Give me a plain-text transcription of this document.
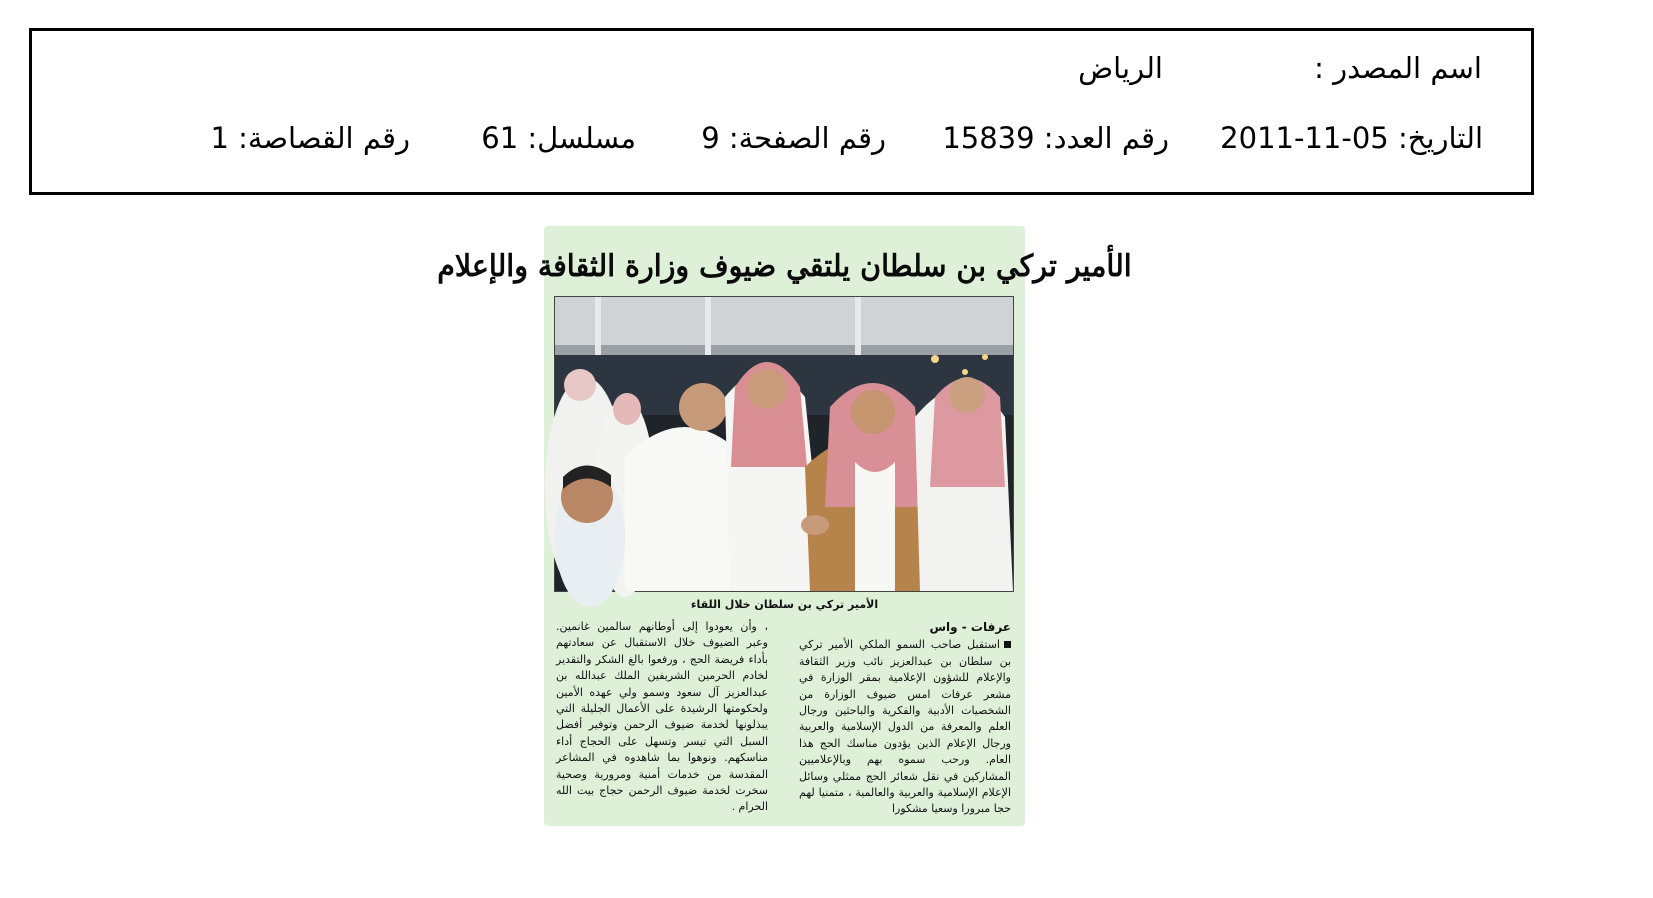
اسم المصدر :
الرياض
التاريخ: 05-11-2011
رقم العدد: 15839
رقم الصفحة: 9
مسلسل: 61
رقم القصاصة: 1
الأمير تركي بن سلطان يلتقي ضيوف وزارة الثقافة والإعلام
الأمير تركي بن سلطان خلال اللقاء
عرفات - واس
استقبل صاحب السمو الملكي الأمير تركي بن سلطان بن عبدالعزيز نائب وزير الثقافة والإعلام للشؤون الإعلامية بمقر الوزارة في مشعر عرفات امس ضيوف الوزارة من الشخصيات الأدبية والفكرية والباحثين ورجال العلم والمعرفة من الدول الإسلامية والعربية ورجال الإعلام الذين يؤدون مناسك الحج هذا العام. ورحب سموه بهم وبالإعلاميين المشاركين في نقل شعائر الحج ممثلي وسائل الإعلام الإسلامية والعربية والعالمية ، متمنيا لهم حجا مبرورا وسعيا مشكورا
، وأن يعودوا إلى أوطانهم سالمين غانمين. وعبر الضيوف خلال الاستقبال عن سعادتهم بأداء فريضة الحج ، ورفعوا بالغ الشكر والتقدير لخادم الحرمين الشريفين الملك عبدالله بن عبدالعزيز آل سعود وسمو ولي عهده الأمين ولحكومتها الرشيدة على الأعمال الجليلة التي يبذلونها لخدمة ضيوف الرحمن وتوفير أفضل السبل التي تيسر وتسهل على الحجاج أداء مناسكهم. ونوهوا بما شاهدوه في المشاعر المقدسة من خدمات أمنية ومرورية وصحية سخرت لخدمة ضيوف الرحمن حجاج بيت الله الحرام .
